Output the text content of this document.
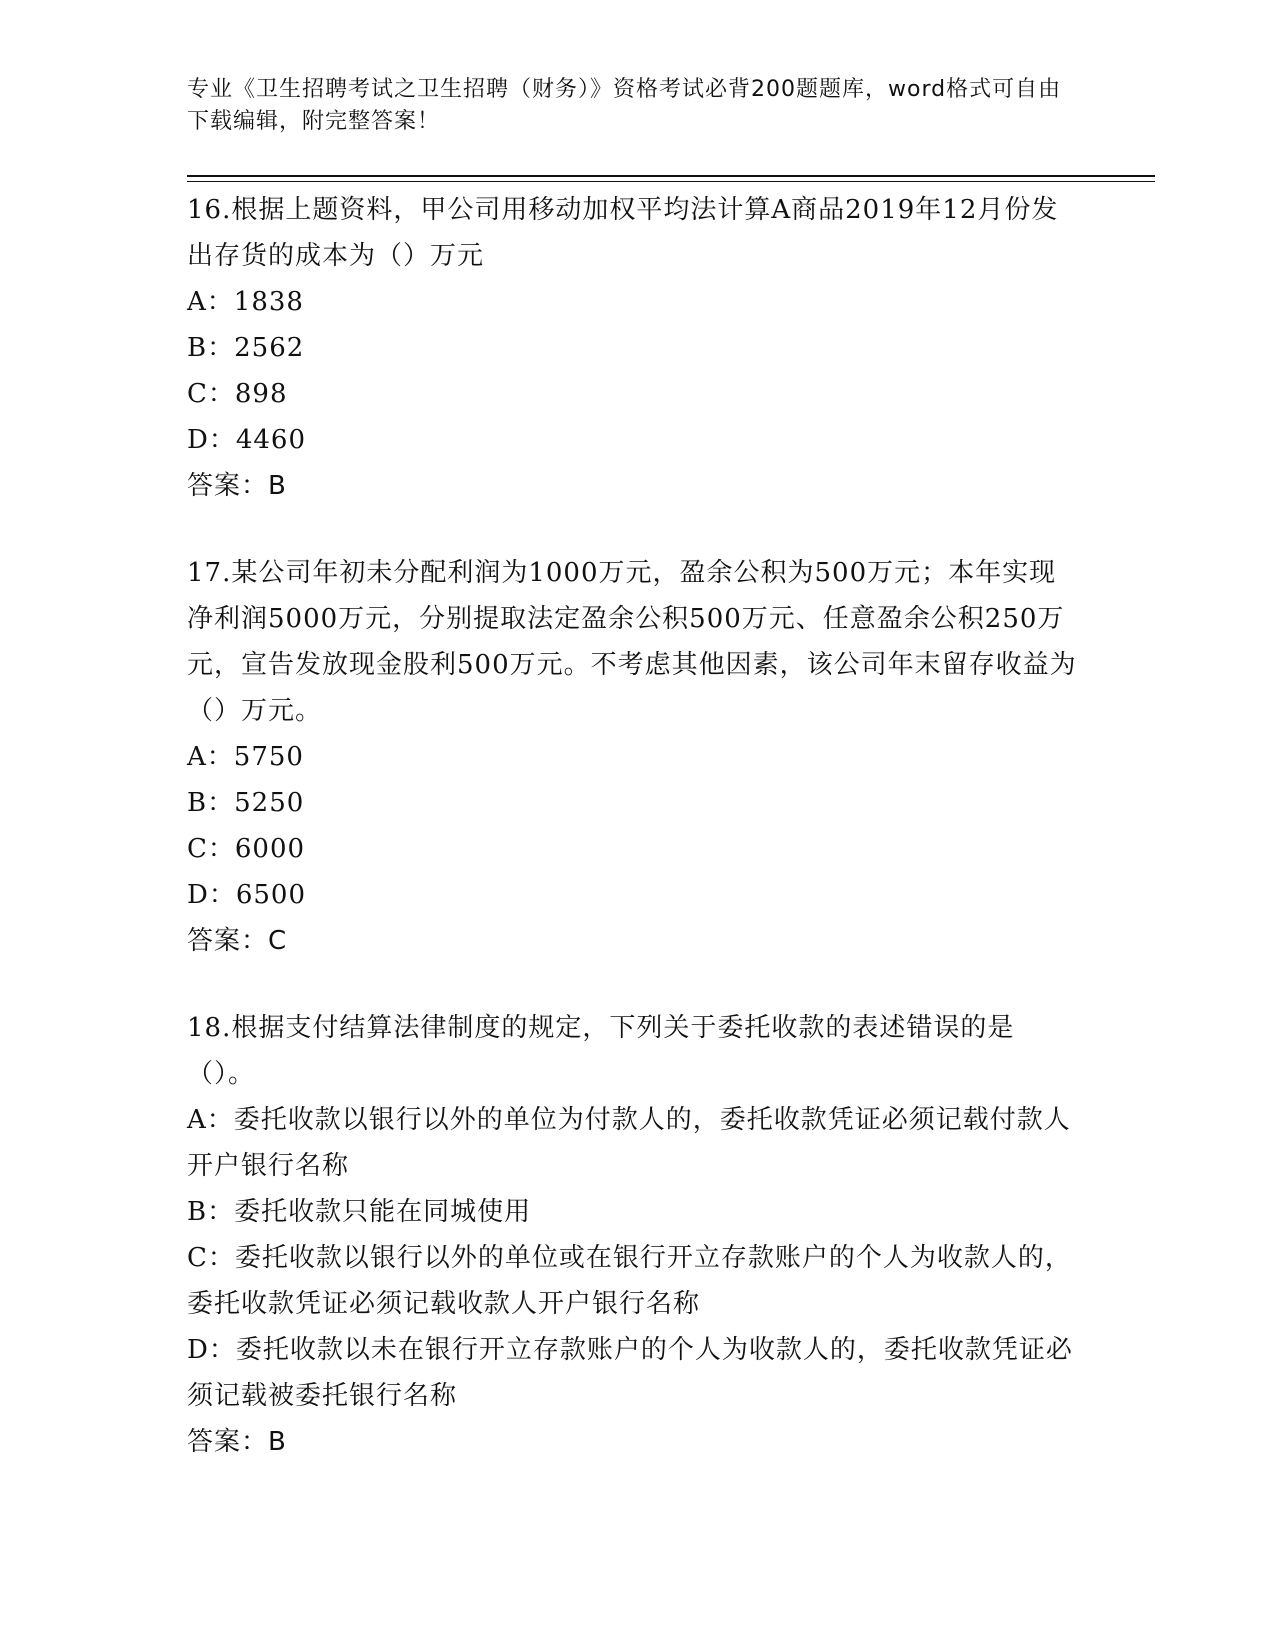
专业《卫生招聘考试之卫生招聘（财务）》资格考试必背200题题库，word格式可自由下载编辑，附完整答案！
16.根据上题资料，甲公司用移动加权平均法计算A商品2019年12月份发出存货的成本为（）万元
A：1838
B：2562
C：898
D：4460
答案：B
17.某公司年初未分配利润为1000万元，盈余公积为500万元；本年实现净利润5000万元，分别提取法定盈余公积500万元、任意盈余公积250万元，宣告发放现金股利500万元。不考虑其他因素，该公司年末留存收益为（）万元。
A：5750
B：5250
C：6000
D：6500
答案：C
18.根据支付结算法律制度的规定，下列关于委托收款的表述错误的是（）。
A：委托收款以银行以外的单位为付款人的，委托收款凭证必须记载付款人开户银行名称
B：委托收款只能在同城使用
C：委托收款以银行以外的单位或在银行开立存款账户的个人为收款人的，委托收款凭证必须记载收款人开户银行名称
D：委托收款以未在银行开立存款账户的个人为收款人的，委托收款凭证必须记载被委托银行名称
答案：B
